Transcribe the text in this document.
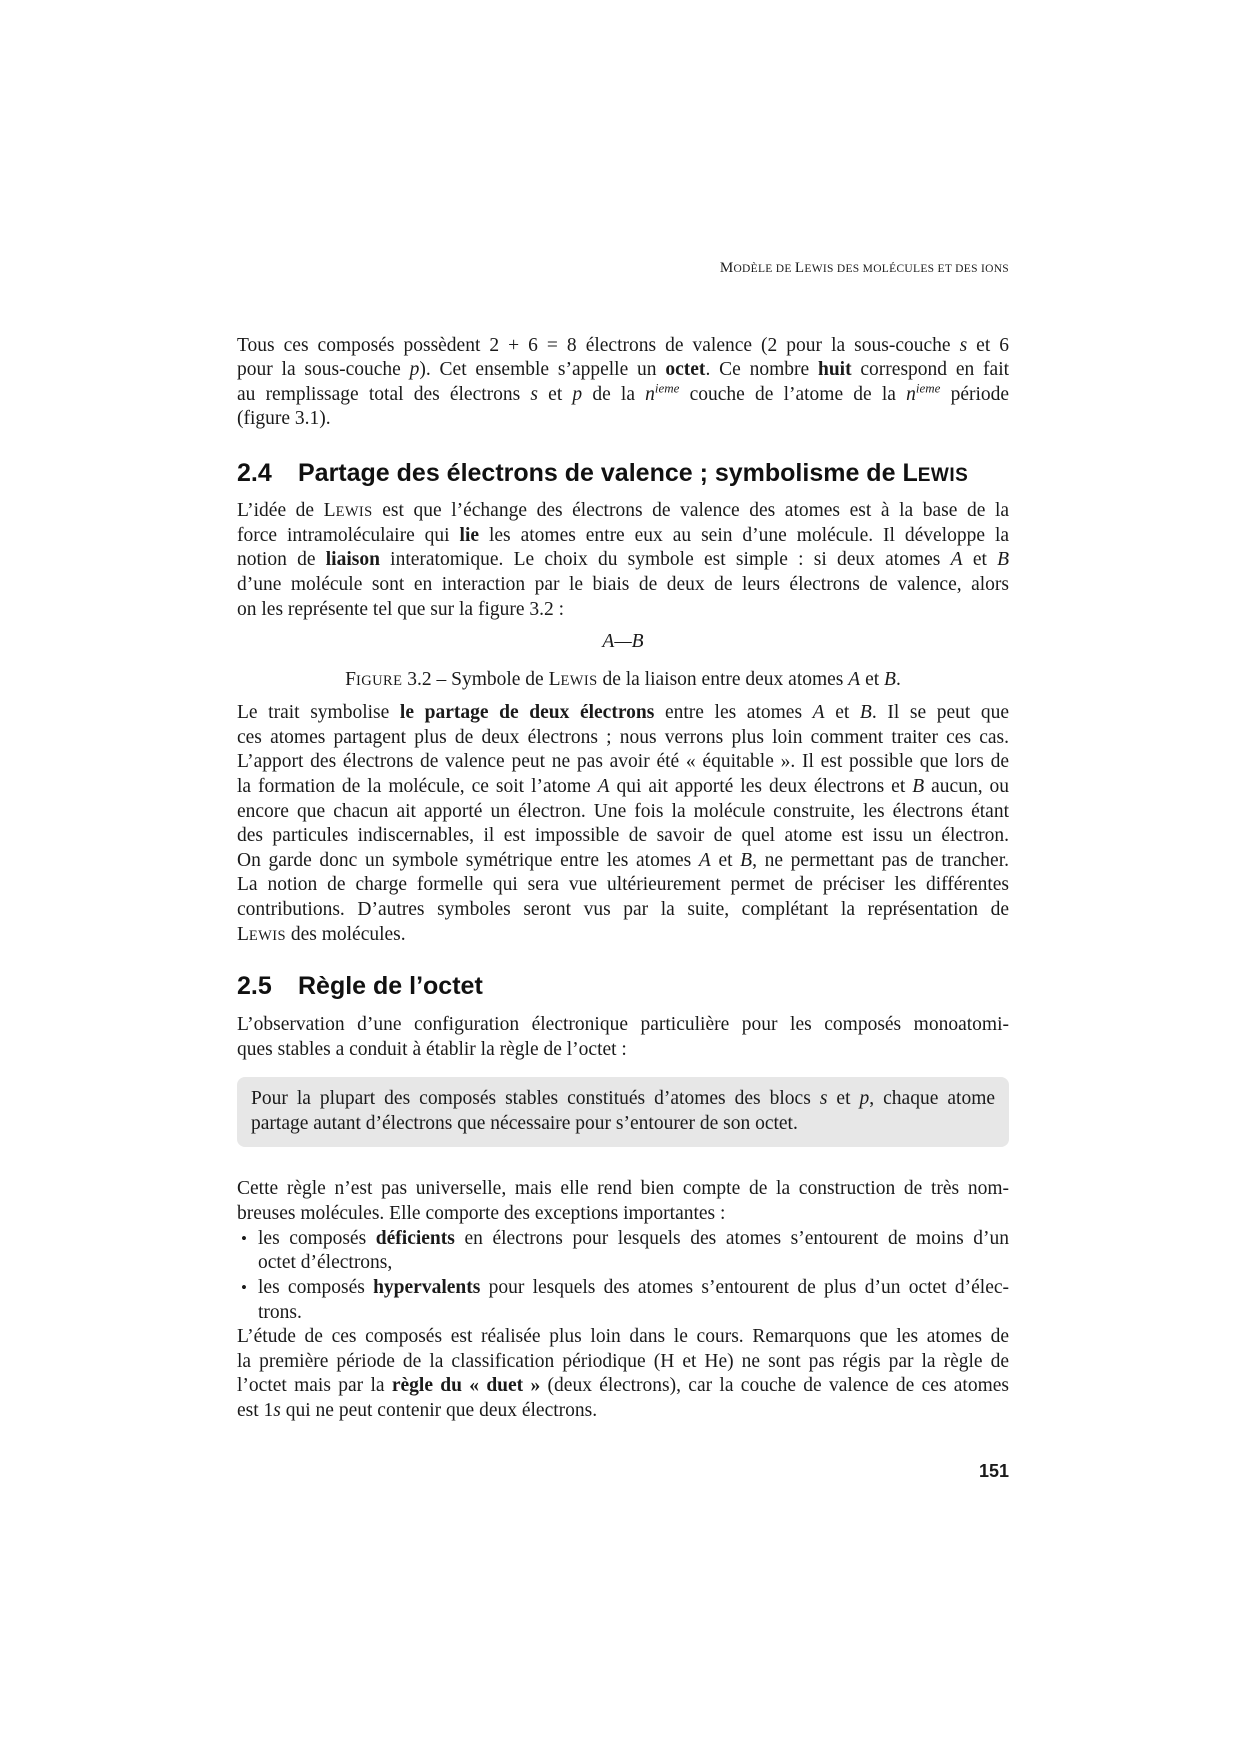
MODÈLE DE LEWIS DES MOLÉCULES ET DES IONS
Tous ces composés possèdent 2 + 6 = 8 électrons de valence (2 pour la sous-couche s et 6
pour la sous-couche p). Cet ensemble s’appelle un octet. Ce nombre huit correspond en fait
au remplissage total des électrons s et p de la $n^{ieme}$ couche de l’atome de la $n^{ieme}$ période
(figure 3.1).
2.4 Partage des électrons de valence ; symbolisme de LEWIS
L’idée de LEWIS est que l’échange des électrons de valence des atomes est à la base de la
force intramoléculaire qui lie les atomes entre eux au sein d’une molécule. Il développe la
notion de liaison interatomique. Le choix du symbole est simple : si deux atomes A et B
d’une molécule sont en interaction par le biais de deux de leurs électrons de valence, alors
on les représente tel que sur la figure 3.2 :
A—B
FIGURE 3.2 – Symbole de LEWIS de la liaison entre deux atomes A et B.
Le trait symbolise le partage de deux électrons entre les atomes A et B. Il se peut que
ces atomes partagent plus de deux électrons ; nous verrons plus loin comment traiter ces cas.
L’apport des électrons de valence peut ne pas avoir été « équitable ». Il est possible que lors de
la formation de la molécule, ce soit l’atome A qui ait apporté les deux électrons et B aucun, ou
encore que chacun ait apporté un électron. Une fois la molécule construite, les électrons étant
des particules indiscernables, il est impossible de savoir de quel atome est issu un électron.
On garde donc un symbole symétrique entre les atomes A et B, ne permettant pas de trancher.
La notion de charge formelle qui sera vue ultérieurement permet de préciser les différentes
contributions. D’autres symboles seront vus par la suite, complétant la représentation de
LEWIS des molécules.
2.5 Règle de l’octet
L’observation d’une configuration électronique particulière pour les composés monoatomi-
ques stables a conduit à établir la règle de l’octet :
Pour la plupart des composés stables constitués d’atomes des blocs s et p, chaque atome
partage autant d’électrons que nécessaire pour s’entourer de son octet.
Cette règle n’est pas universelle, mais elle rend bien compte de la construction de très nom-
breuses molécules. Elle comporte des exceptions importantes :
• les composés déficients en électrons pour lesquels des atomes s’entourent de moins d’un
octet d’électrons,
• les composés hypervalents pour lesquels des atomes s’entourent de plus d’un octet d’élec-
trons.
L’étude de ces composés est réalisée plus loin dans le cours. Remarquons que les atomes de
la première période de la classification périodique (H et He) ne sont pas régis par la règle de
l’octet mais par la règle du « duet » (deux électrons), car la couche de valence de ces atomes
est 1s qui ne peut contenir que deux électrons.
151
